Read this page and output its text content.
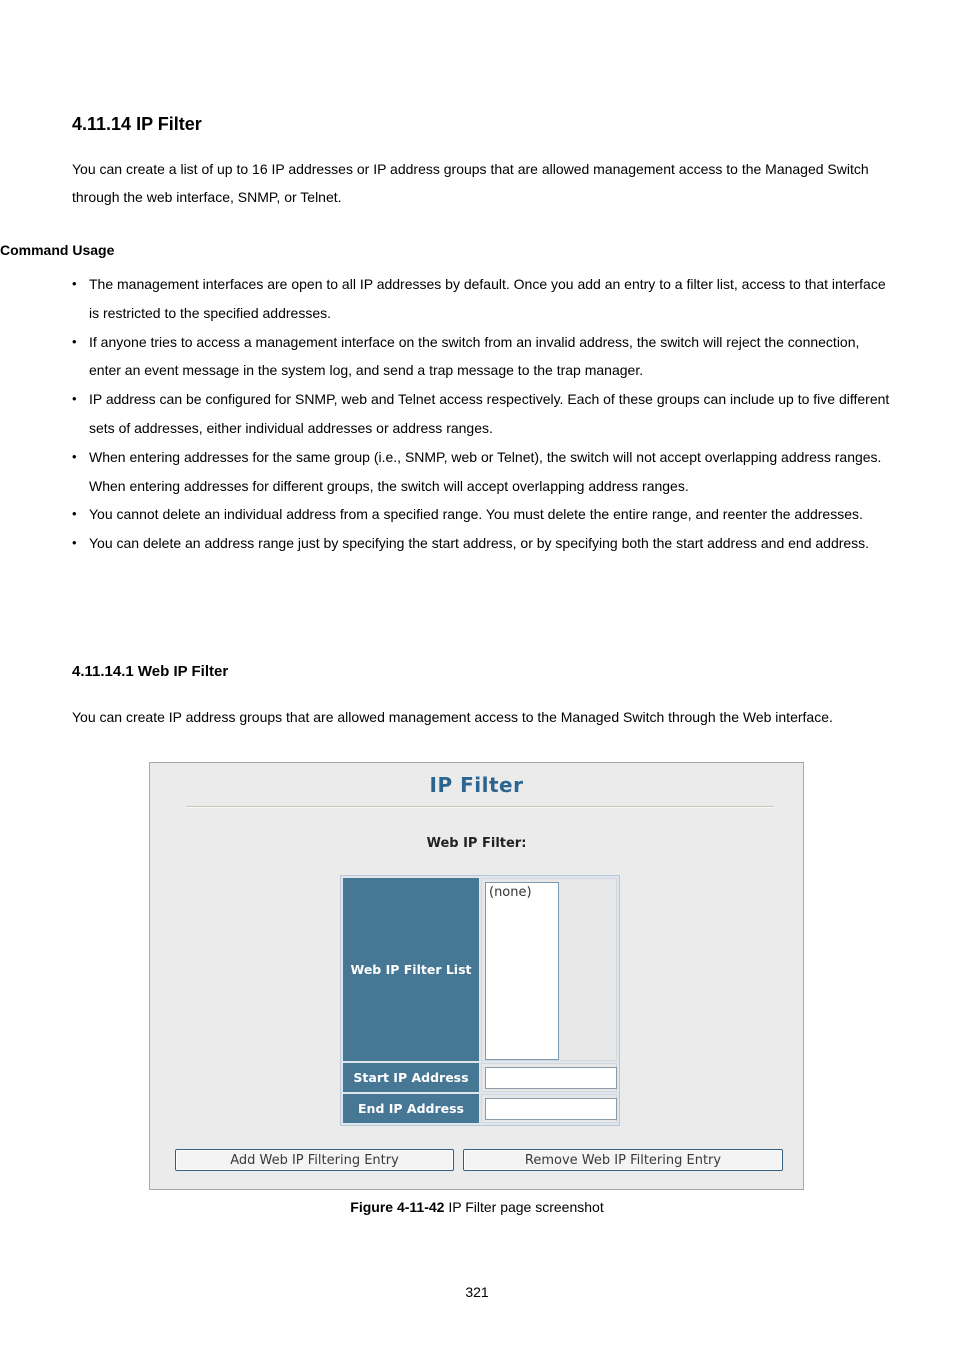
4.11.14 IP Filter
You can create a list of up to 16 IP addresses or IP address groups that are allowed management access to the Managed Switch through the web interface, SNMP, or Telnet.
Command Usage
• The management interfaces are open to all IP addresses by default. Once you add an entry to a filter list, access to that interface is restricted to the specified addresses.
• If anyone tries to access a management interface on the switch from an invalid address, the switch will reject the connection, enter an event message in the system log, and send a trap message to the trap manager.
• IP address can be configured for SNMP, web and Telnet access respectively. Each of these groups can include up to five different sets of addresses, either individual addresses or address ranges.
• When entering addresses for the same group (i.e., SNMP, web or Telnet), the switch will not accept overlapping address ranges. When entering addresses for different groups, the switch will accept overlapping address ranges.
• You cannot delete an individual address from a specified range. You must delete the entire range, and reenter the addresses.
• You can delete an address range just by specifying the start address, or by specifying both the start address and end address.
4.11.14.1 Web IP Filter
You can create IP address groups that are allowed management access to the Managed Switch through the Web interface.
IP Filter
Web IP Filter:
Web IP Filter List
(none)
Start IP Address
End IP Address
Add Web IP Filtering Entry	Remove Web IP Filtering Entry
Figure 4-11-42 IP Filter page screenshot
321
